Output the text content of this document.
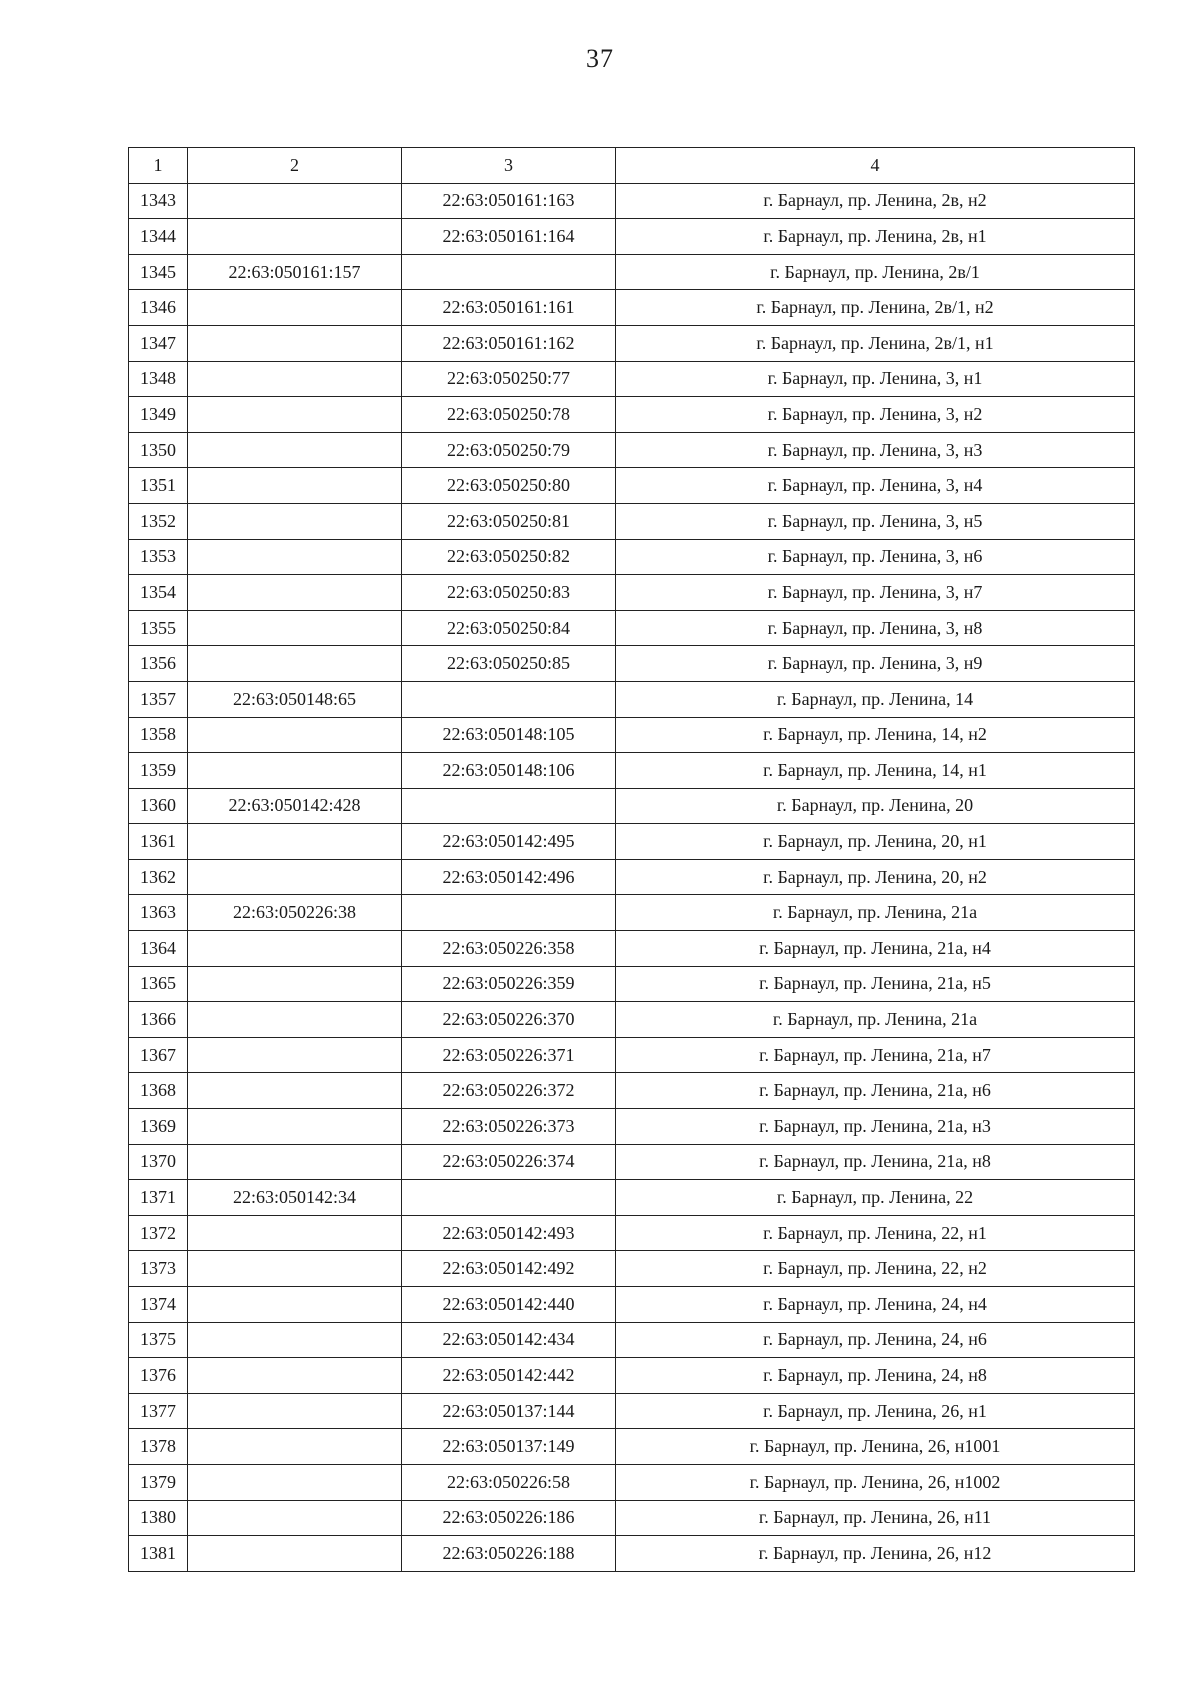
37
1	2	3	4
1343		22:63:050161:163	г. Барнаул, пр. Ленина, 2в, н2
1344		22:63:050161:164	г. Барнаул, пр. Ленина, 2в, н1
1345	22:63:050161:157		г. Барнаул, пр. Ленина, 2в/1
1346		22:63:050161:161	г. Барнаул, пр. Ленина, 2в/1, н2
1347		22:63:050161:162	г. Барнаул, пр. Ленина, 2в/1, н1
1348		22:63:050250:77	г. Барнаул, пр. Ленина, 3, н1
1349		22:63:050250:78	г. Барнаул, пр. Ленина, 3, н2
1350		22:63:050250:79	г. Барнаул, пр. Ленина, 3, н3
1351		22:63:050250:80	г. Барнаул, пр. Ленина, 3, н4
1352		22:63:050250:81	г. Барнаул, пр. Ленина, 3, н5
1353		22:63:050250:82	г. Барнаул, пр. Ленина, 3, н6
1354		22:63:050250:83	г. Барнаул, пр. Ленина, 3, н7
1355		22:63:050250:84	г. Барнаул, пр. Ленина, 3, н8
1356		22:63:050250:85	г. Барнаул, пр. Ленина, 3, н9
1357	22:63:050148:65		г. Барнаул, пр. Ленина, 14
1358		22:63:050148:105	г. Барнаул, пр. Ленина, 14, н2
1359		22:63:050148:106	г. Барнаул, пр. Ленина, 14, н1
1360	22:63:050142:428		г. Барнаул, пр. Ленина, 20
1361		22:63:050142:495	г. Барнаул, пр. Ленина, 20, н1
1362		22:63:050142:496	г. Барнаул, пр. Ленина, 20, н2
1363	22:63:050226:38		г. Барнаул, пр. Ленина, 21а
1364		22:63:050226:358	г. Барнаул, пр. Ленина, 21а, н4
1365		22:63:050226:359	г. Барнаул, пр. Ленина, 21а, н5
1366		22:63:050226:370	г. Барнаул, пр. Ленина, 21а
1367		22:63:050226:371	г. Барнаул, пр. Ленина, 21а, н7
1368		22:63:050226:372	г. Барнаул, пр. Ленина, 21а, н6
1369		22:63:050226:373	г. Барнаул, пр. Ленина, 21а, н3
1370		22:63:050226:374	г. Барнаул, пр. Ленина, 21а, н8
1371	22:63:050142:34		г. Барнаул, пр. Ленина, 22
1372		22:63:050142:493	г. Барнаул, пр. Ленина, 22, н1
1373		22:63:050142:492	г. Барнаул, пр. Ленина, 22, н2
1374		22:63:050142:440	г. Барнаул, пр. Ленина, 24, н4
1375		22:63:050142:434	г. Барнаул, пр. Ленина, 24, н6
1376		22:63:050142:442	г. Барнаул, пр. Ленина, 24, н8
1377		22:63:050137:144	г. Барнаул, пр. Ленина, 26, н1
1378		22:63:050137:149	г. Барнаул, пр. Ленина, 26, н1001
1379		22:63:050226:58	г. Барнаул, пр. Ленина, 26, н1002
1380		22:63:050226:186	г. Барнаул, пр. Ленина, 26, н11
1381		22:63:050226:188	г. Барнаул, пр. Ленина, 26, н12
